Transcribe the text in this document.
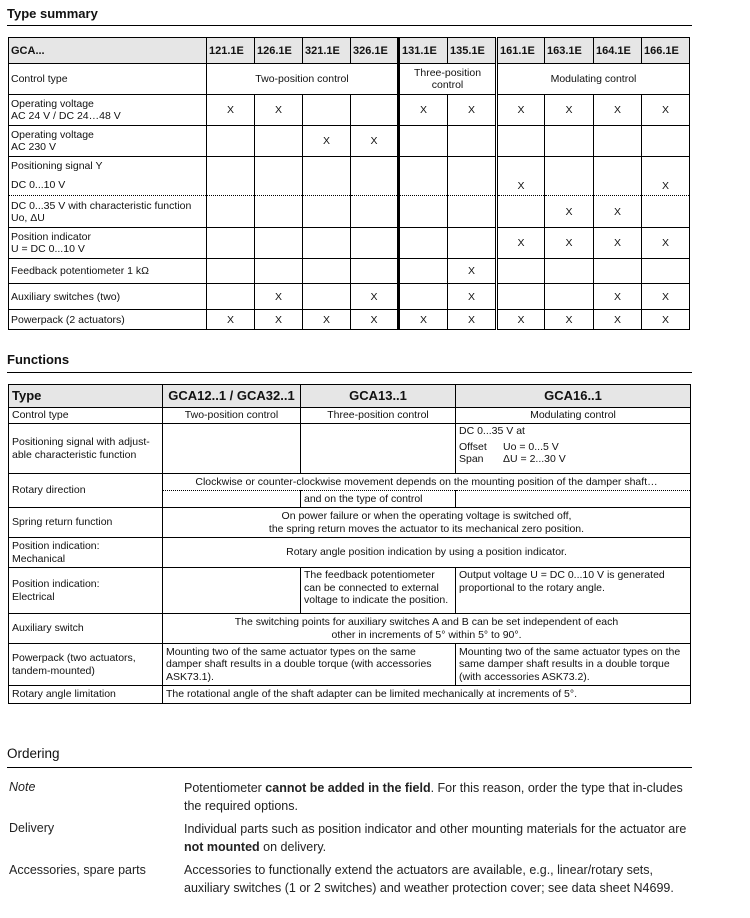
Type summary
GCA...	121.1E	126.1E	321.1E	326.1E	131.1E	135.1E	161.1E	163.1E	164.1E	166.1E
Control type	Two-position control				Three-position control		Modulating control			
Operating voltage
AC 24 V / DC 24…48 V	X	X			X	X	X	X	X	X
Operating voltage
AC 230 V			X	X						
Positioning signal Y
DC 0...10 V							X			X
DC 0...35 V with characteristic function
Uo, ΔU								X	X	
Position indicator
U = DC 0...10 V							X	X	X	X
Feedback potentiometer 1 kΩ						X				
Auxiliary switches (two)		X		X		X			X	X
Powerpack (2 actuators)	X	X	X	X	X	X	X	X	X	X
Functions
Type	GCA12..1 / GCA32..1	GCA13..1	GCA16..1
Control type	Two-position control	Three-position control	Modulating control
Positioning signal with adjust-able characteristic function			DC 0...35 V at
Offset Uo = 0...5 V
Span ΔU = 2...30 V

Rotary direction	Clockwise or counter-clockwise movement depends on the mounting position of the damper shaft…		
		and on the type of control	
Spring return function	On power failure or when the operating voltage is switched off,
the spring return moves the actuator to its mechanical zero position.		
Position indication:
Mechanical	Rotary angle position indication by using a position indicator.		
Position indication:
Electrical		The feedback potentiometer can be connected to external voltage to indicate the position.	Output voltage U = DC 0...10 V is generated proportional to the rotary angle.
Auxiliary switch	The switching points for auxiliary switches A and B can be set independent of each
other in increments of 5° within 5° to 90°.		
Powerpack (two actuators, tandem-mounted)	Mounting two of the same actuator types on the same damper shaft results in a double torque (with accessories ASK73.1).		Mounting two of the same actuator types on the same damper shaft results in a double torque (with accessories ASK73.2).
Rotary angle limitation	The rotational angle of the shaft adapter can be limited mechanically at increments of 5°.		
Ordering
Note	Potentiometer cannot be added in the field. For this reason, order the type that in-cludes the required options.
Delivery	Individual parts such as position indicator and other mounting materials for the actuator are not mounted on delivery.
Accessories, spare parts	Accessories to functionally extend the actuators are available, e.g., linear/rotary sets, auxiliary switches (1 or 2 switches) and weather protection cover; see data sheet N4699.
